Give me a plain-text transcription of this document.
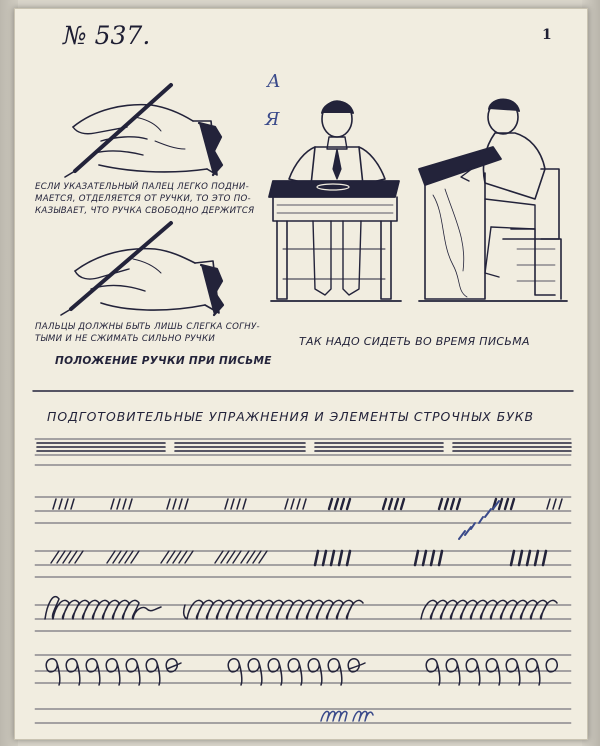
№ 537.	1
А
Я
ЕСЛИ УКАЗАТЕЛЬНЫЙ ПАЛЕЦ ЛЕГКО ПОДНИ-
МАЕТСЯ, ОТДЕЛЯЕТСЯ ОТ РУЧКИ, ТО ЭТО ПО-
КАЗЫВАЕТ, ЧТО РУЧКА СВОБОДНО ДЕРЖИТСЯ
ПАЛЬЦЫ ДОЛЖНЫ БЫТЬ ЛИШЬ СЛЕГКА СОГНУ-
ТЫМИ И НЕ СЖИМАТЬ СИЛЬНО РУЧКИ
ПОЛОЖЕНИЕ РУЧКИ ПРИ ПИСЬМЕ
ТАК НАДО СИДЕТЬ ВО ВРЕМЯ ПИСЬМА
ПОДГОТОВИТЕЛЬНЫЕ УПРАЖНЕНИЯ И ЭЛЕМЕНТЫ СТРОЧНЫХ БУКВ
